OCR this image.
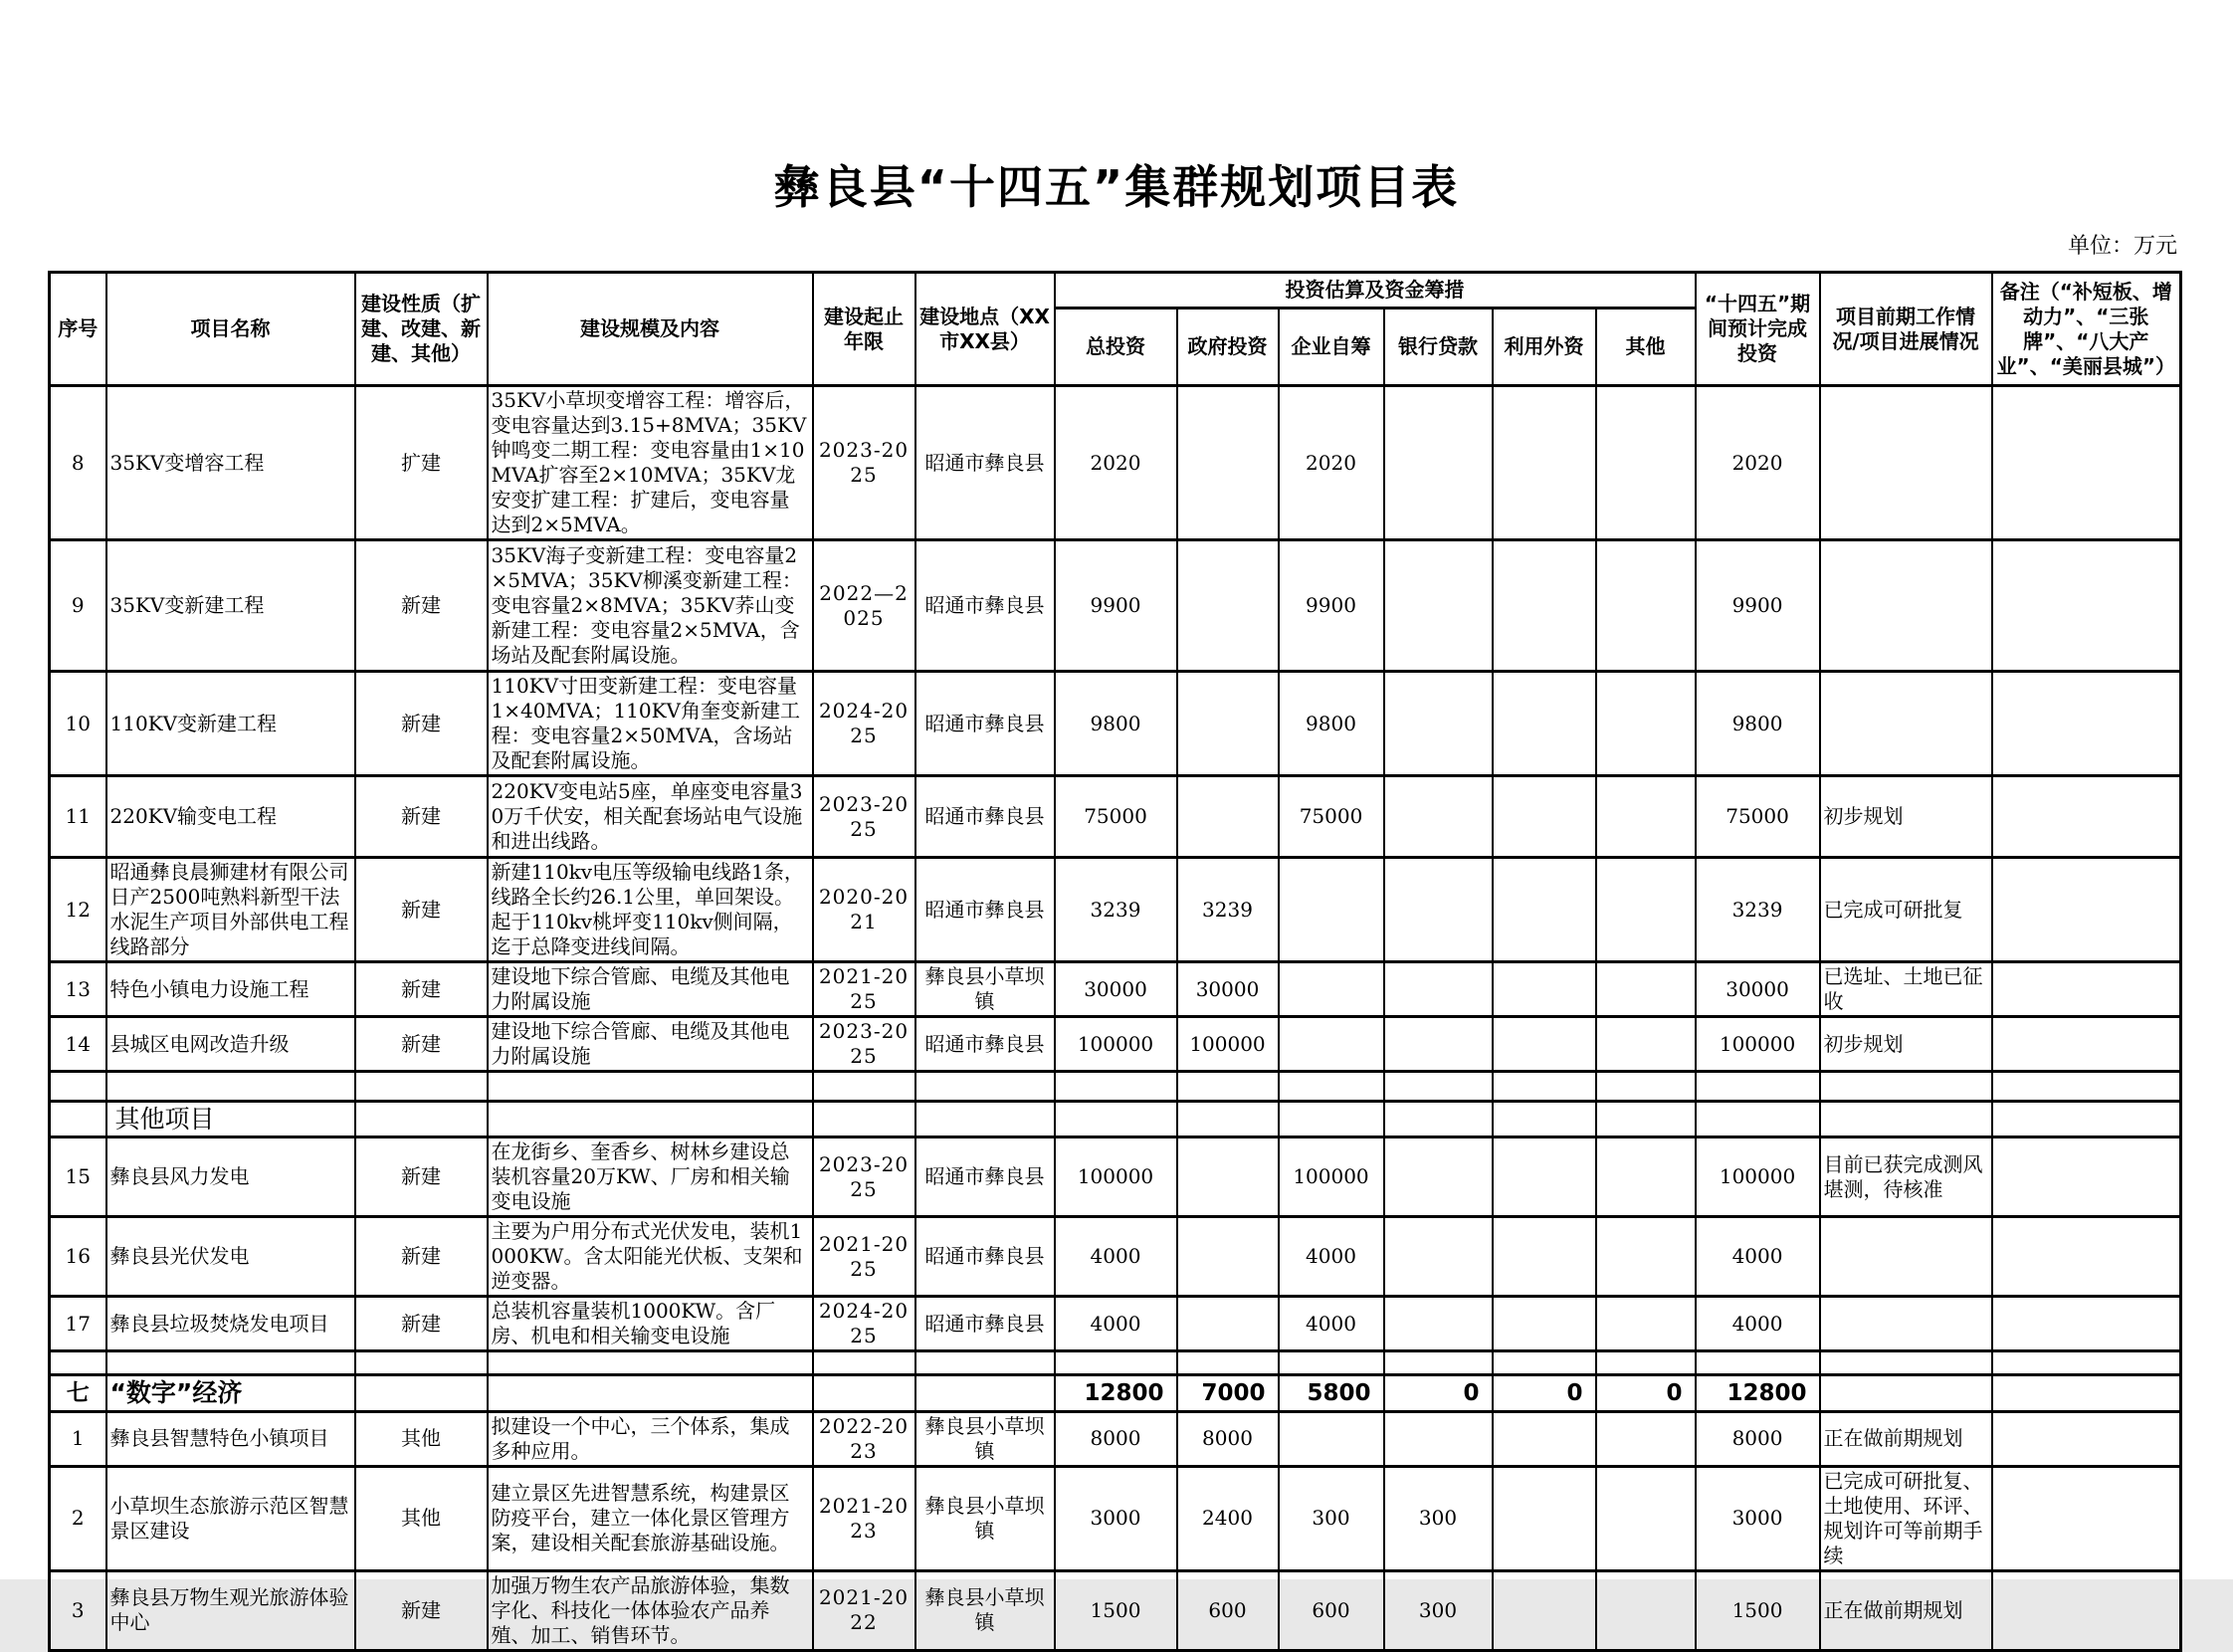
彝良县“十四五”集群规划项目表
单位：万元
序号	项目名称	建设性质（扩建、改建、新建、其他）	建设规模及内容	建设起止年限	建设地点（XX市XX县）	投资估算及资金筹措						“十四五”期间预计完成投资	项目前期工作情况/项目进展情况	备注（“补短板、增动力”、“三张牌”、“八大产业”、“美丽县城”）
						总投资	政府投资	企业自筹	银行贷款	利用外资	其他			
8	35KV变增容工程	扩建	35KV小草坝变增容工程：增容后，变电容量达到3.15+8MVA；35KV钟鸣变二期工程：变电容量由1×10MVA扩容至2×10MVA；35KV龙安变扩建工程：扩建后，变电容量达到2×5MVA。	2023-2025	昭通市彝良县	2020		2020				2020		
9	35KV变新建工程	新建	35KV海子变新建工程：变电容量2×5MVA；35KV柳溪变新建工程：变电容量2×8MVA；35KV荞山变新建工程：变电容量2×5MVA，含场站及配套附属设施。	2022—2025	昭通市彝良县	9900		9900				9900		
10	110KV变新建工程	新建	110KV寸田变新建工程：变电容量1×40MVA；110KV角奎变新建工程：变电容量2×50MVA，含场站及配套附属设施。	2024-2025	昭通市彝良县	9800		9800				9800		
11	220KV输变电工程	新建	220KV变电站5座，单座变电容量30万千伏安，相关配套场站电气设施和进出线路。	2023-2025	昭通市彝良县	75000		75000				75000	初步规划	
12	昭通彝良晨狮建材有限公司日产2500吨熟料新型干法水泥生产项目外部供电工程线路部分	新建	新建110kv电压等级输电线路1条，线路全长约26.1公里，单回架设。起于110kv桃坪变110kv侧间隔，迄于总降变进线间隔。	2020-2021	昭通市彝良县	3239	3239					3239	已完成可研批复	
13	特色小镇电力设施工程	新建	建设地下综合管廊、电缆及其他电力附属设施	2021-2025	彝良县小草坝镇	30000	30000					30000	已选址、土地已征收	
14	县城区电网改造升级	新建	建设地下综合管廊、电缆及其他电力附属设施	2023-2025	昭通市彝良县	100000	100000					100000	初步规划	

	其他项目													
15	彝良县风力发电	新建	在龙街乡、奎香乡、树林乡建设总装机容量20万KW、厂房和相关输变电设施	2023-2025	昭通市彝良县	100000		100000				100000	目前已获完成测风堪测，待核准	
16	彝良县光伏发电	新建	主要为户用分布式光伏发电，装机1000KW。含太阳能光伏板、支架和逆变器。	2021-2025	昭通市彝良县	4000		4000				4000		
17	彝良县垃圾焚烧发电项目	新建	总装机容量装机1000KW。含厂房、机电和相关输变电设施	2024-2025	昭通市彝良县	4000		4000				4000		

七	“数字”经济					12800	7000	5800	0	0	0	12800		
1	彝良县智慧特色小镇项目	其他	拟建设一个中心，三个体系，集成多种应用。	2022-2023	彝良县小草坝镇	8000	8000					8000	正在做前期规划	
2	小草坝生态旅游示范区智慧景区建设	其他	建立景区先进智慧系统，构建景区防疫平台，建立一体化景区管理方案，建设相关配套旅游基础设施。	2021-2023	彝良县小草坝镇	3000	2400	300	300			3000	已完成可研批复、土地使用、环评、规划许可等前期手续	
3	彝良县万物生观光旅游体验中心	新建	加强万物生农产品旅游体验，集数字化、科技化一体体验农产品养殖、加工、销售环节。	2021-2022	彝良县小草坝镇	1500	600	600	300			1500	正在做前期规划	
